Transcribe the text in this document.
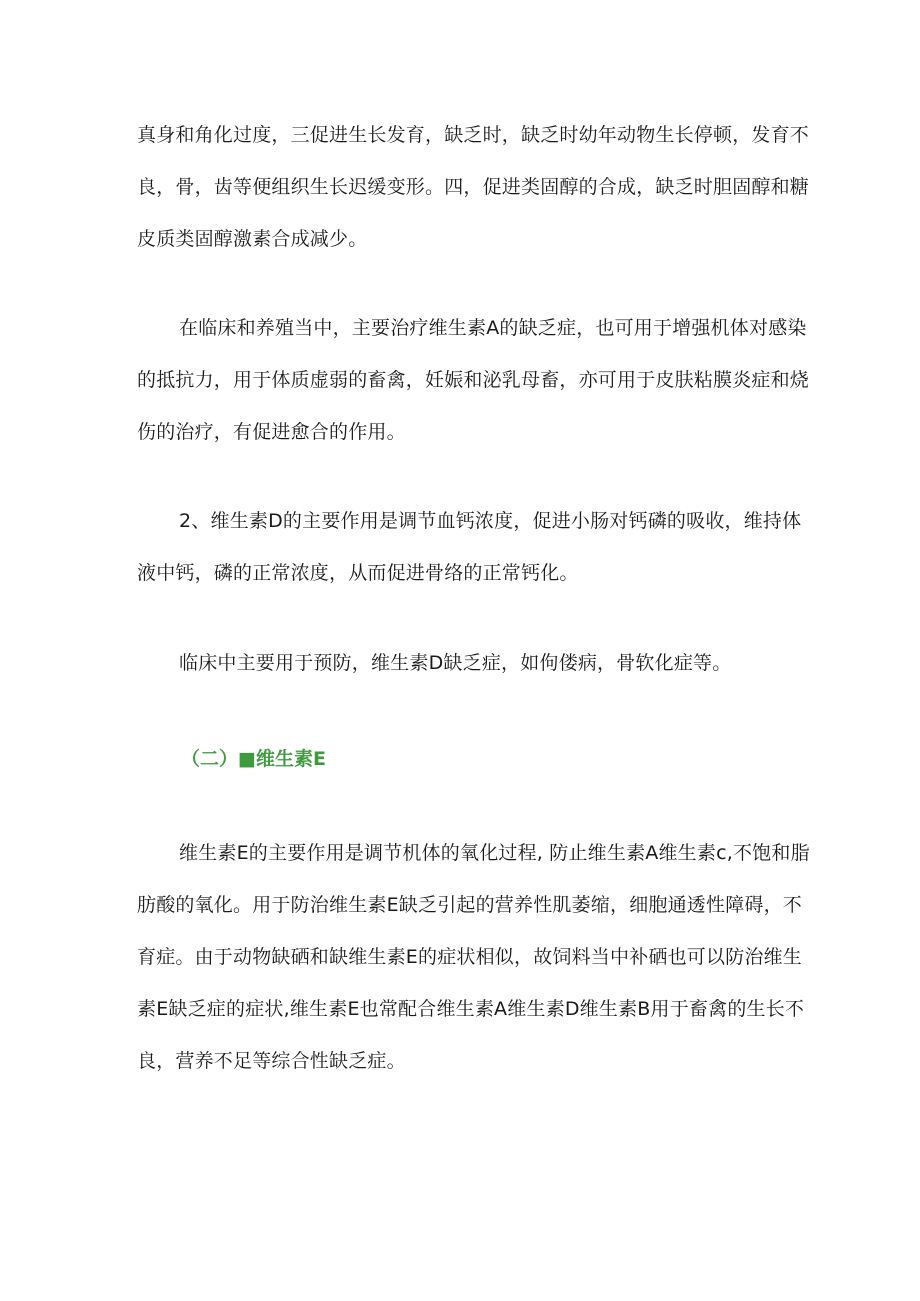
真身和角化过度，三促进生长发育，缺乏时，缺乏时幼年动物生长停顿，发育不
良，骨，齿等便组织生长迟缓变形。四，促进类固醇的合成，缺乏时胆固醇和糖
皮质类固醇激素合成减少。

在临床和养殖当中，主要治疗维生素A的缺乏症，也可用于增强机体对感染
的抵抗力，用于体质虚弱的畜禽，妊娠和泌乳母畜，亦可用于皮肤粘膜炎症和烧
伤的治疗，有促进愈合的作用。

2、维生素D的主要作用是调节血钙浓度，促进小肠对钙磷的吸收，维持体
液中钙，磷的正常浓度，从而促进骨络的正常钙化。

临床中主要用于预防，维生素D缺乏症，如佝偻病，骨软化症等。

（二）■维生素E

维生素E的主要作用是调节机体的氧化过程, 防止维生素A维生素c,不饱和脂
肪酸的氧化。用于防治维生素E缺乏引起的营养性肌萎缩，细胞通透性障碍，不
育症。由于动物缺硒和缺维生素E的症状相似，故饲料当中补硒也可以防治维生
素E缺乏症的症状,维生素E也常配合维生素A维生素D维生素B用于畜禽的生长不
良，营养不足等综合性缺乏症。
